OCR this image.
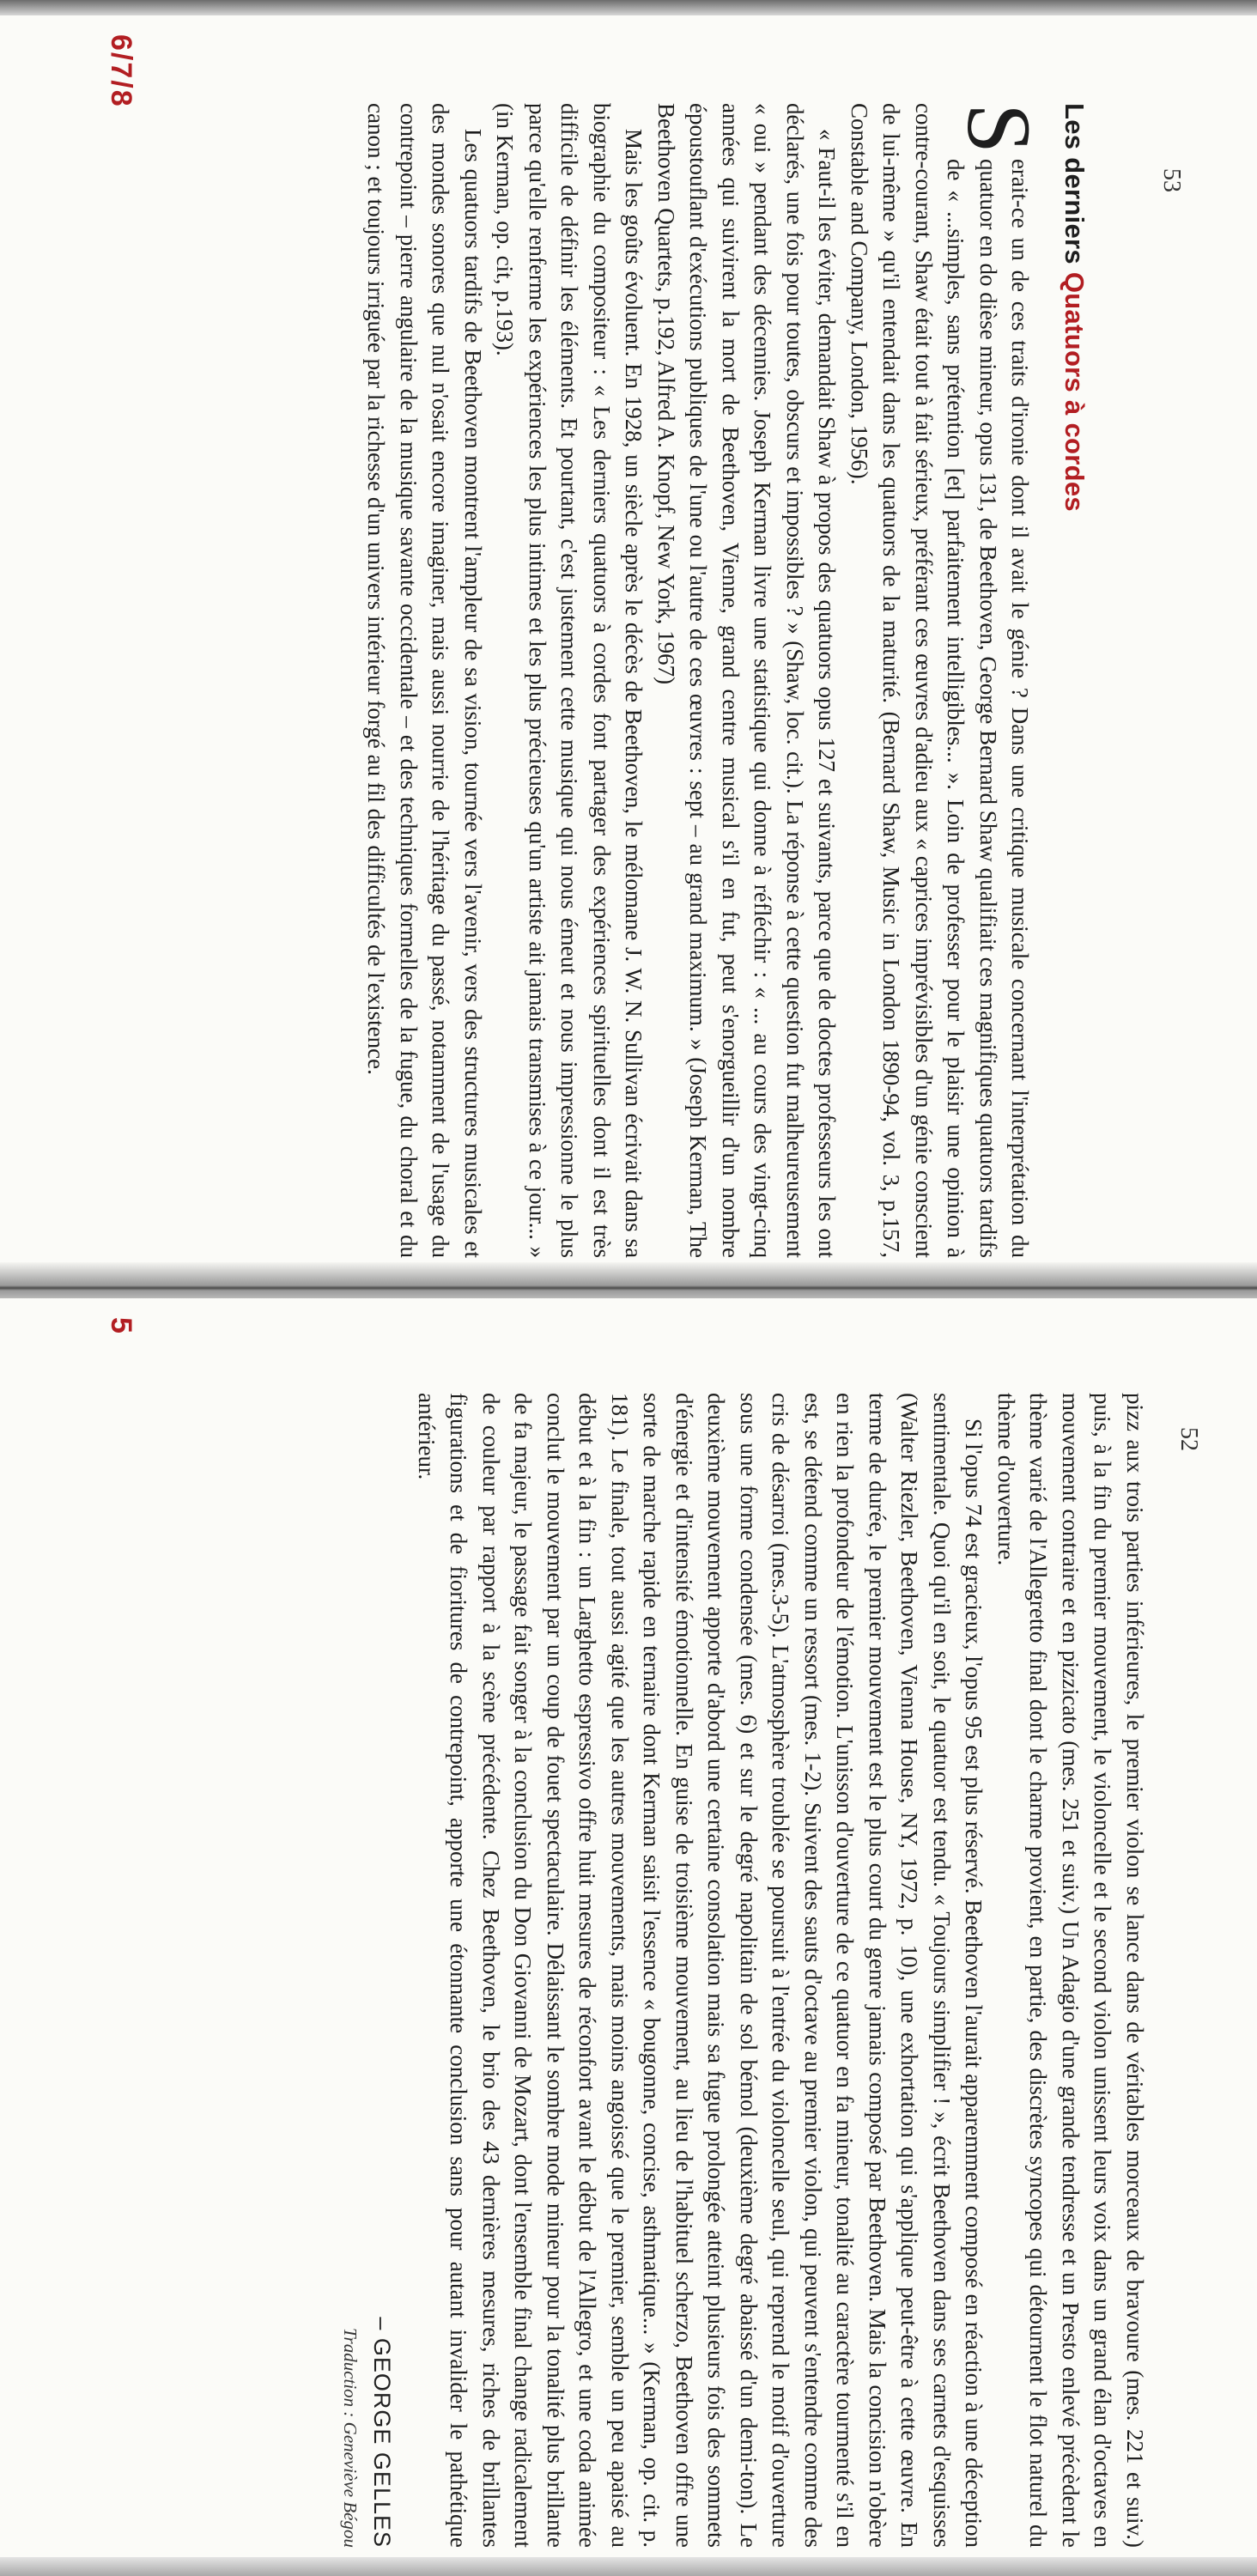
6/7/8
53
Les derniers Quatuors à cordes

S
erait-ce un de ces traits d'ironie dont il avait le génie ? Dans une critique musicale concernant l'interprétation du quatuor en do dièse mineur, opus 131, de Beethoven, George Bernard Shaw qualifiait ces magnifiques quatuors tardifs de « ...simples, sans prétention [et] parfaitement intelligibles... ». Loin de professer pour le plaisir une opinion à contre-courant, Shaw était tout à fait sérieux, préférant ces œuvres d'adieu aux « caprices imprévisibles d'un génie conscient de lui-même » qu'il entendait dans les quatuors de la maturité. (Bernard Shaw, Music in London 1890-94, vol. 3, p.157, Constable and Company, London, 1956).

« Faut-il les éviter, demandait Shaw à propos des quatuors opus 127 et suivants, parce que de doctes professeurs les ont déclarés, une fois pour toutes, obscurs et impossibles ? » (Shaw, loc. cit.). La réponse à cette question fut malheureusement « oui » pendant des décennies. Joseph Kerman livre une statistique qui donne à réfléchir : « ... au cours des vingt-cinq années qui suivirent la mort de Beethoven, Vienne, grand centre musical s'il en fut, peut s'enorgueillir d'un nombre époustouflant d'exécutions publiques de l'une ou l'autre de ces œuvres : sept – au grand maximum. » (Joseph Kerman, The Beethoven Quartets, p.192, Alfred A. Knopf, New York, 1967)

Mais les goûts évoluent. En 1928, un siècle après le décès de Beethoven, le mélomane J. W. N. Sullivan écrivait dans sa biographie du compositeur : « Les derniers quatuors à cordes font partager des expériences spirituelles dont il est très difficile de définir les éléments. Et pourtant, c'est justement cette musique qui nous émeut et nous impressionne le plus parce qu'elle renferme les expériences les plus intimes et les plus précieuses qu'un artiste ait jamais transmises à ce jour... » (in Kerman, op. cit, p.193).

Les quatuors tardifs de Beethoven montrent l'ampleur de sa vision, tournée vers l'avenir, vers des structures musicales et des mondes sonores que nul n'osait encore imaginer, mais aussi nourrie de l'héritage du passé, notamment de l'usage du contrepoint – pierre angulaire de la musique savante occidentale – et des techniques formelles de la fugue, du choral et du canon ; et toujours irriguée par la richesse d'un univers intérieur forgé au fil des difficultés de l'existence.

5
52

pizz aux trois parties inférieures, le premier violon se lance dans de véritables morceaux de bravoure (mes. 221 et suiv.) puis, à la fin du premier mouvement, le violoncelle et le second violon unissent leurs voix dans un grand élan d'octaves en mouvement contraire et en pizzicato (mes. 251 et suiv.) Un Adagio d'une grande tendresse et un Presto enlevé précèdent le thème varié de l'Allegretto final dont le charme provient, en partie, des discrètes syncopes qui détournent le flot naturel du thème d'ouverture.

Si l'opus 74 est gracieux, l'opus 95 est plus réservé. Beethoven l'aurait apparemment composé en réaction à une déception sentimentale. Quoi qu'il en soit, le quatuor est tendu. « Toujours simplifier ! », écrit Beethoven dans ses carnets d'esquisses (Walter Riezler, Beethoven, Vienna House, NY, 1972, p. 10), une exhortation qui s'applique peut-être à cette œuvre. En terme de durée, le premier mouvement est le plus court du genre jamais composé par Beethoven. Mais la concision n'obère en rien la profondeur de l'émotion. L'unisson d'ouverture de ce quatuor en fa mineur, tonalité au caractère tourmenté s'il en est, se détend comme un ressort (mes. 1-2). Suivent des sauts d'octave au premier violon, qui peuvent s'entendre comme des cris de désarroi (mes.3-5). L'atmosphère troublée se poursuit à l'entrée du violoncelle seul, qui reprend le motif d'ouverture sous une forme condensée (mes. 6) et sur le degré napolitain de sol bémol (deuxième degré abaissé d'un demi-ton). Le deuxième mouvement apporte d'abord une certaine consolation mais sa fugue prolongée atteint plusieurs fois des sommets d'énergie et d'intensité émotionnelle. En guise de troisième mouvement, au lieu de l'habituel scherzo, Beethoven offre une sorte de marche rapide en ternaire dont Kerman saisit l'essence « bougonne, concise, asthmatique... » (Kerman, op. cit. p. 181). Le finale, tout aussi agité que les autres mouvements, mais moins angoissé que le premier, semble un peu apaisé au début et à la fin : un Larghetto espressivo offre huit mesures de réconfort avant le début de l'Allegro, et une coda animée conclut le mouvement par un coup de fouet spectaculaire. Délaissant le sombre mode mineur pour la tonalité plus brillante de fa majeur, le passage fait songer à la conclusion du Don Giovanni de Mozart, dont l'ensemble final change radicalement de couleur par rapport à la scène précédente. Chez Beethoven, le brio des 43 dernières mesures, riches de brillantes figurations et de fioritures de contrepoint, apporte une étonnante conclusion sans pour autant invalider le pathétique antérieur.

– GEORGE GELLES
Traduction : Geneviève Bégou
